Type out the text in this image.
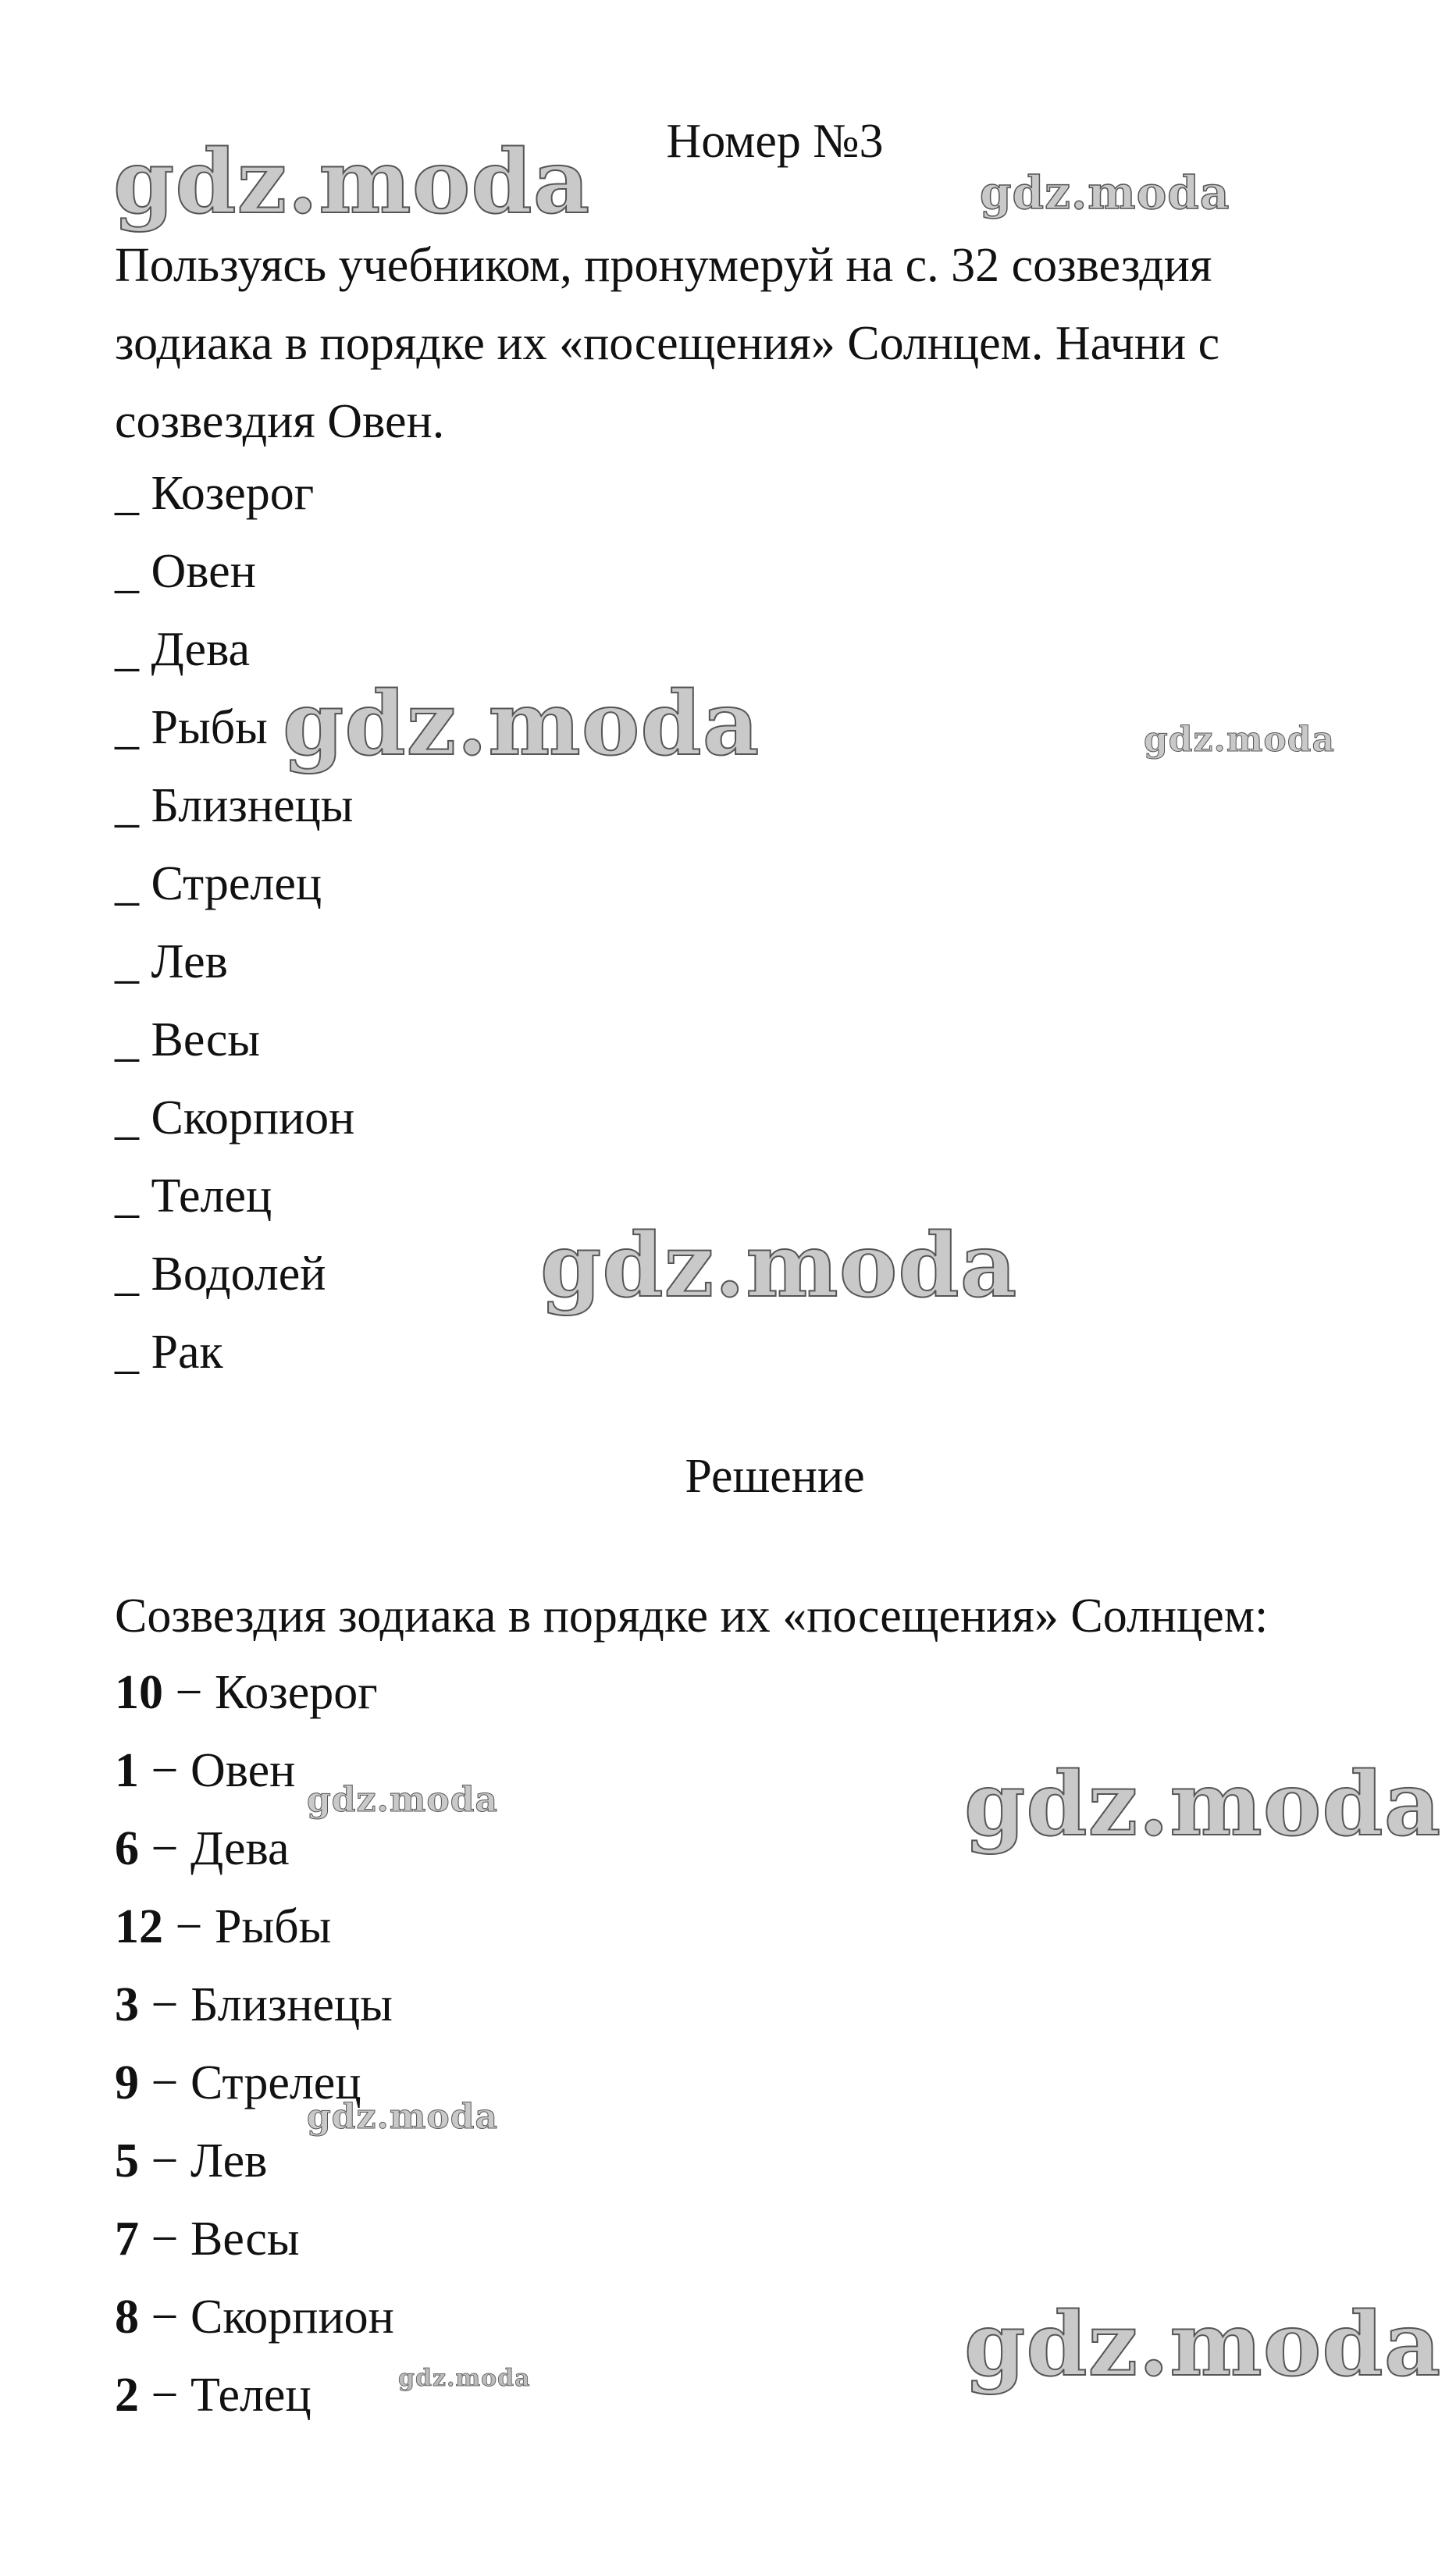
Номер №3
Пользуясь учебником, пронумеруй на с. 32 созвездия зодиака в порядке их «посещения» Солнцем. Начни с созвездия Овен.
_ Козерог
_ Овен
_ Дева
_ Рыбы
_ Близнецы
_ Стрелец
_ Лев
_ Весы
_ Скорпион
_ Телец
_ Водолей
_ Рак
Решение
Созвездия зодиака в порядке их «посещения» Солнцем:
10 − Козерог
1 − Овен
6 − Дева
12 − Рыбы
3 − Близнецы
9 − Стрелец
5 − Лев
7 − Весы
8 − Скорпион
2 − Телец
gdz.moda	gdz.moda
gdz.moda	gdz.moda
gdz.moda
gdz.moda	gdz.moda
gdz.moda
gdz.moda
gdz.moda
